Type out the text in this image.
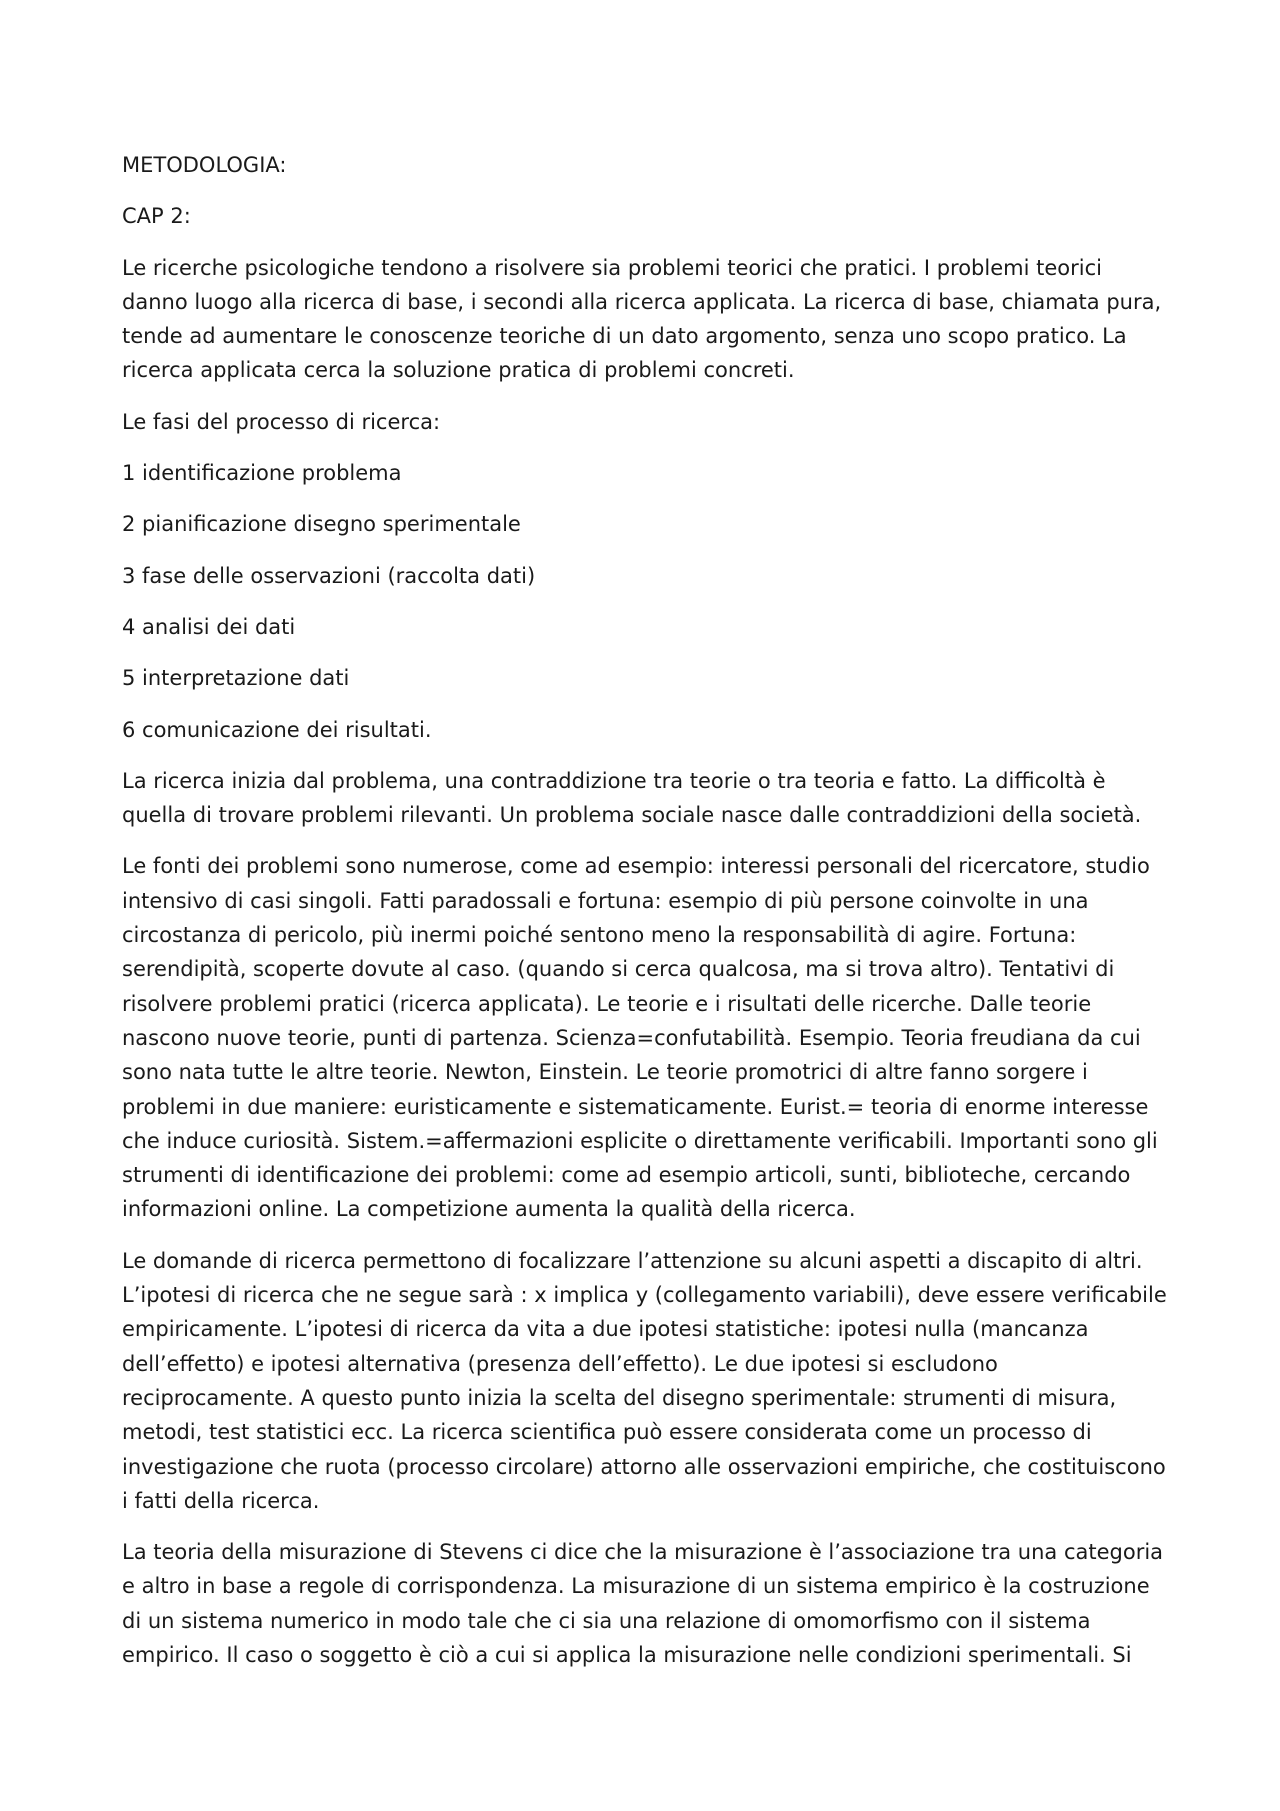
METODOLOGIA:

CAP 2:

Le ricerche psicologiche tendono a risolvere sia problemi teorici che pratici. I problemi teorici danno luogo alla ricerca di base, i secondi alla ricerca applicata. La ricerca di base, chiamata pura, tende ad aumentare le conoscenze teoriche di un dato argomento, senza uno scopo pratico. La ricerca applicata cerca la soluzione pratica di problemi concreti.

Le fasi del processo di ricerca:

1 identificazione problema

2 pianificazione disegno sperimentale

3 fase delle osservazioni (raccolta dati)

4 analisi dei dati

5 interpretazione dati

6 comunicazione dei risultati.

La ricerca inizia dal problema, una contraddizione tra teorie o tra teoria e fatto. La difficoltà è quella di trovare problemi rilevanti. Un problema sociale nasce dalle contraddizioni della società.

Le fonti dei problemi sono numerose, come ad esempio: interessi personali del ricercatore, studio intensivo di casi singoli. Fatti paradossali e fortuna: esempio di più persone coinvolte in una circostanza di pericolo, più inermi poiché sentono meno la responsabilità di agire. Fortuna: serendipità, scoperte dovute al caso. (quando si cerca qualcosa, ma si trova altro). Tentativi di risolvere problemi pratici (ricerca applicata). Le teorie e i risultati delle ricerche. Dalle teorie nascono nuove teorie, punti di partenza. Scienza=confutabilità. Esempio. Teoria freudiana da cui sono nata tutte le altre teorie. Newton, Einstein. Le teorie promotrici di altre fanno sorgere i problemi in due maniere: euristicamente e sistematicamente. Eurist.= teoria di enorme interesse che induce curiosità. Sistem.=affermazioni esplicite o direttamente verificabili. Importanti sono gli strumenti di identificazione dei problemi: come ad esempio articoli, sunti, biblioteche, cercando informazioni online. La competizione aumenta la qualità della ricerca.

Le domande di ricerca permettono di focalizzare l’attenzione su alcuni aspetti a discapito di altri. L’ipotesi di ricerca che ne segue sarà : x implica y (collegamento variabili), deve essere verificabile empiricamente. L’ipotesi di ricerca da vita a due ipotesi statistiche: ipotesi nulla (mancanza dell’effetto) e ipotesi alternativa (presenza dell’effetto). Le due ipotesi si escludono reciprocamente. A questo punto inizia la scelta del disegno sperimentale: strumenti di misura, metodi, test statistici ecc. La ricerca scientifica può essere considerata come un processo di investigazione che ruota (processo circolare) attorno alle osservazioni empiriche, che costituiscono i fatti della ricerca.

La teoria della misurazione di Stevens ci dice che la misurazione è l’associazione tra una categoria e altro in base a regole di corrispondenza. La misurazione di un sistema empirico è la costruzione di un sistema numerico in modo tale che ci sia una relazione di omomorfismo con il sistema empirico. Il caso o soggetto è ciò a cui si applica la misurazione nelle condizioni sperimentali. Si
